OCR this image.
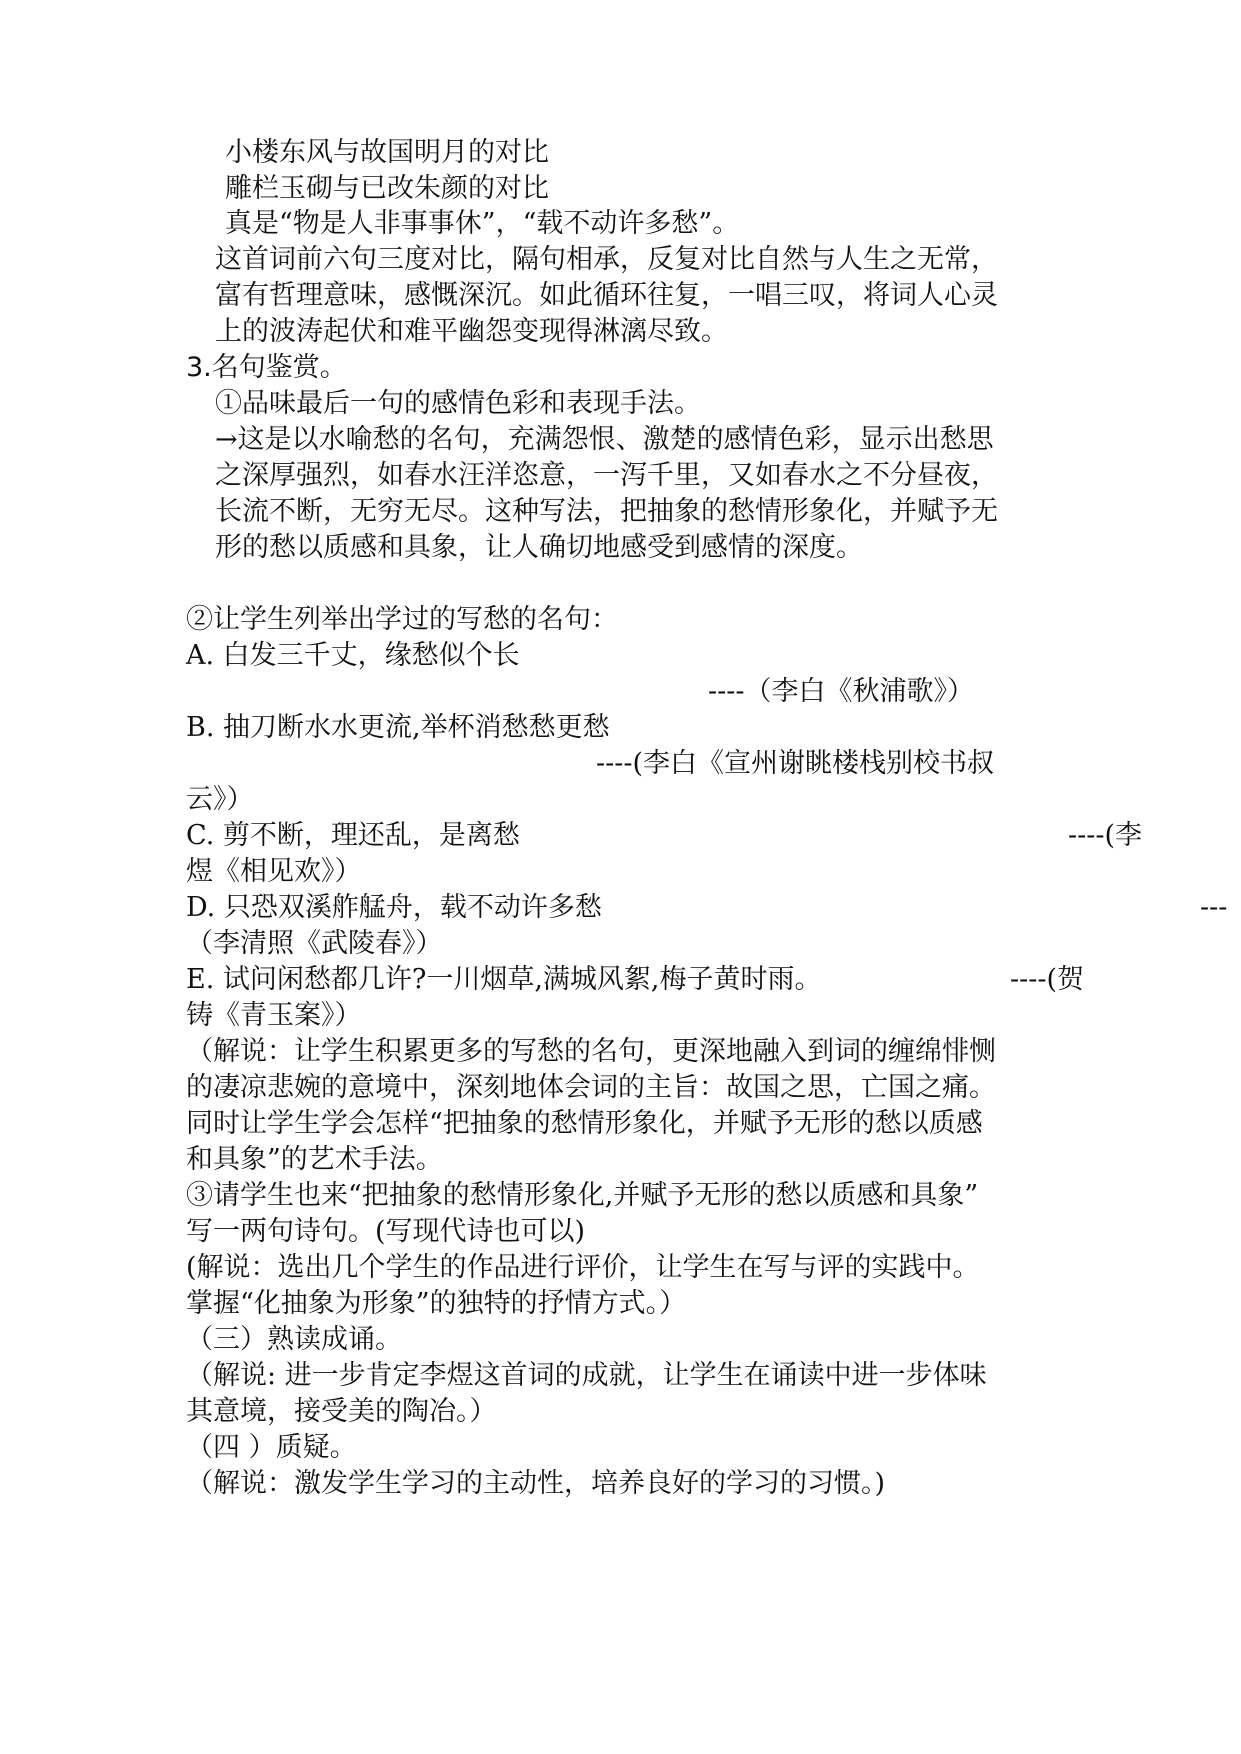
小楼东风与故国明月的对比
雕栏玉砌与已改朱颜的对比
真是“物是人非事事休”，“载不动许多愁”。
这首词前六句三度对比，隔句相承，反复对比自然与人生之无常，
富有哲理意味，感慨深沉。如此循环往复，一唱三叹，将词人心灵
上的波涛起伏和难平幽怨变现得淋漓尽致。
3.名句鉴赏。
①品味最后一句的感情色彩和表现手法。
→这是以水喻愁的名句，充满怨恨、激楚的感情色彩，显示出愁思
之深厚强烈，如春水汪洋恣意，一泻千里，又如春水之不分昼夜，
长流不断，无穷无尽。这种写法，把抽象的愁情形象化，并赋予无
形的愁以质感和具象，让人确切地感受到感情的深度。
②让学生列举出学过的写愁的名句：
A. 白发三千丈，缘愁似个长
----（李白《秋浦歌》）
B. 抽刀断水水更流,举杯消愁愁更愁
----(李白《宣州谢眺楼栈别校书叔
云》）
C. 剪不断，理还乱，是离愁	----(李
煜《相见欢》）
D. 只恐双溪舴艋舟，载不动许多愁	---
（李清照《武陵春》）
E. 试问闲愁都几许?一川烟草,满城风絮,梅子黄时雨。	----(贺
铸《青玉案》）
（解说：让学生积累更多的写愁的名句，更深地融入到词的缠绵悱恻
的凄凉悲婉的意境中，深刻地体会词的主旨：故国之思，亡国之痛。
同时让学生学会怎样“把抽象的愁情形象化，并赋予无形的愁以质感
和具象”的艺术手法。
③请学生也来“把抽象的愁情形象化,并赋予无形的愁以质感和具象”
写一两句诗句。(写现代诗也可以)
(解说：选出几个学生的作品进行评价，让学生在写与评的实践中。
掌握“化抽象为形象”的独特的抒情方式。）
（三）熟读成诵。
（解说: 进一步肯定李煜这首词的成就，让学生在诵读中进一步体味
其意境，接受美的陶冶。）
（四 ）质疑。
（解说：激发学生学习的主动性，培养良好的学习的习惯。)
